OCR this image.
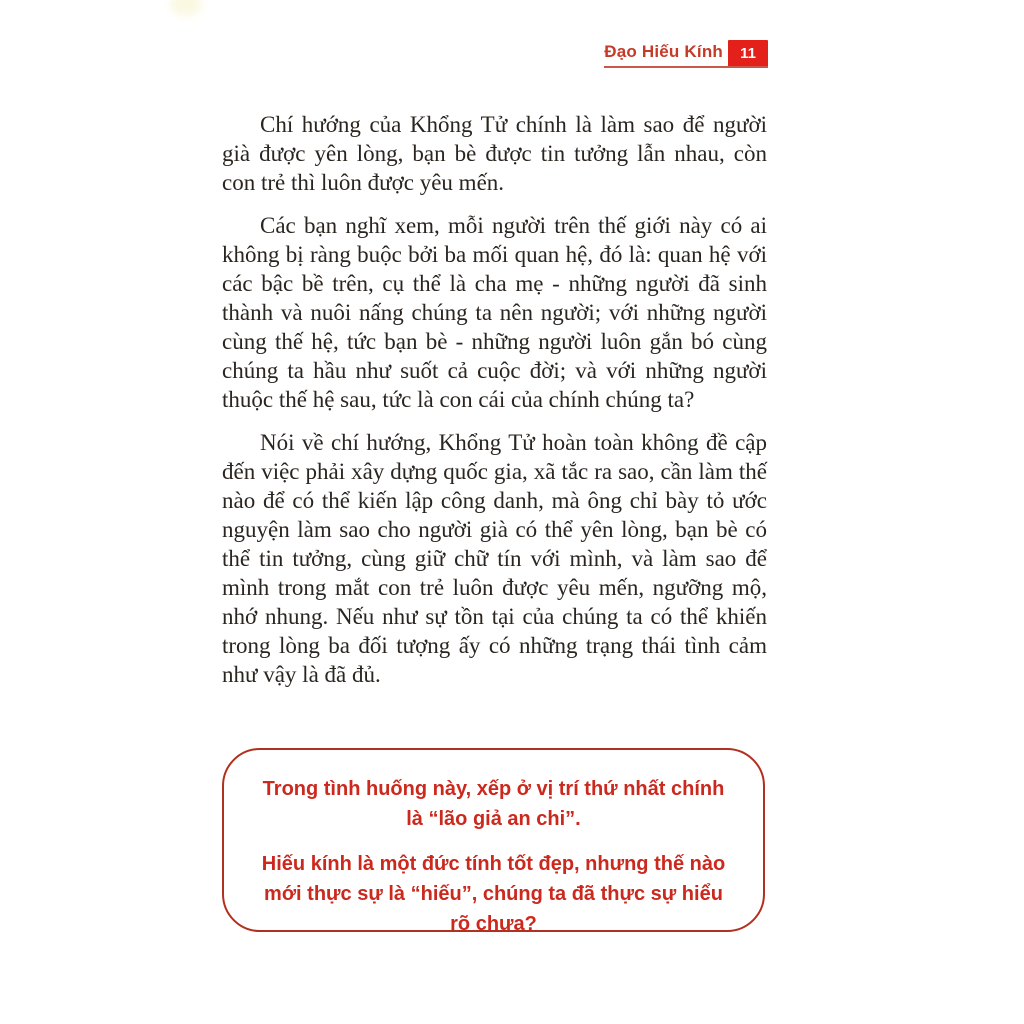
Đạo Hiếu Kính	11

Chí hướng của Khổng Tử chính là làm sao để người già được yên lòng, bạn bè được tin tưởng lẫn nhau, còn con trẻ thì luôn được yêu mến.

Các bạn nghĩ xem, mỗi người trên thế giới này có ai không bị ràng buộc bởi ba mối quan hệ, đó là: quan hệ với các bậc bề trên, cụ thể là cha mẹ - những người đã sinh thành và nuôi nấng chúng ta nên người; với những người cùng thế hệ, tức bạn bè - những người luôn gắn bó cùng chúng ta hầu như suốt cả cuộc đời; và với những người thuộc thế hệ sau, tức là con cái của chính chúng ta?

Nói về chí hướng, Khổng Tử hoàn toàn không đề cập đến việc phải xây dựng quốc gia, xã tắc ra sao, cần làm thế nào để có thể kiến lập công danh, mà ông chỉ bày tỏ ước nguyện làm sao cho người già có thể yên lòng, bạn bè có thể tin tưởng, cùng giữ chữ tín với mình, và làm sao để mình trong mắt con trẻ luôn được yêu mến, ngưỡng mộ, nhớ nhung. Nếu như sự tồn tại của chúng ta có thể khiến trong lòng ba đối tượng ấy có những trạng thái tình cảm như vậy là đã đủ.

Trong tình huống này, xếp ở vị trí thứ nhất chính là “lão giả an chi”.

Hiếu kính là một đức tính tốt đẹp, nhưng thế nào mới thực sự là “hiếu”, chúng ta đã thực sự hiểu rõ chưa?
